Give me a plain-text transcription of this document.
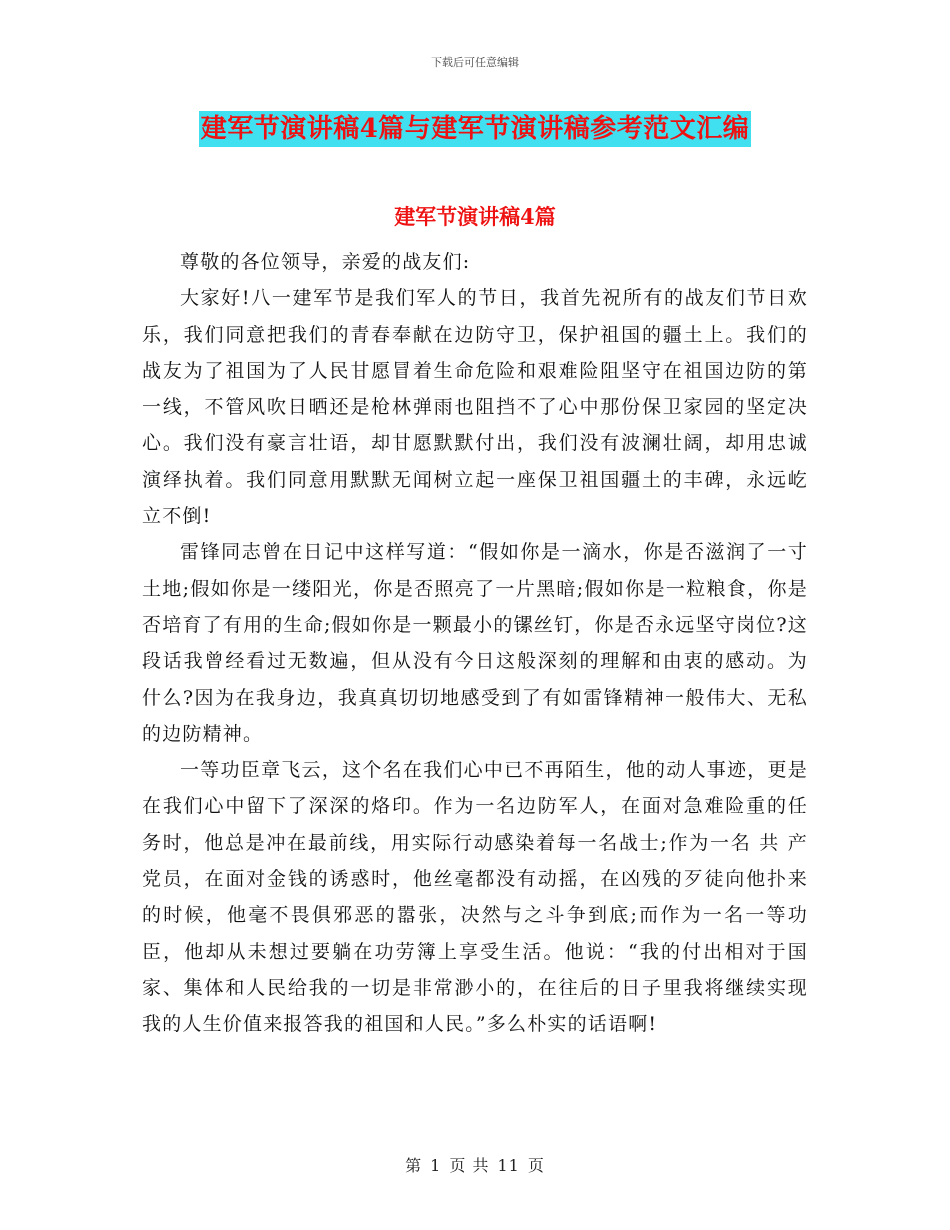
下载后可任意编辑
建军节演讲稿4篇与建军节演讲稿参考范文汇编
建军节演讲稿4篇

尊敬的各位领导，亲爱的战友们:

大家好!八一建军节是我们军人的节日，我首先祝所有的战友们节日欢乐，我们同意把我们的青春奉献在边防守卫，保护祖国的疆土上。我们的战友为了祖国为了人民甘愿冒着生命危险和艰难险阻坚守在祖国边防的第一线，不管风吹日晒还是枪林弹雨也阻挡不了心中那份保卫家园的坚定决心。我们没有豪言壮语，却甘愿默默付出，我们没有波澜壮阔，却用忠诚演绎执着。我们同意用默默无闻树立起一座保卫祖国疆土的丰碑，永远屹立不倒!

雷锋同志曾在日记中这样写道：“假如你是一滴水，你是否滋润了一寸土地;假如你是一缕阳光，你是否照亮了一片黑暗;假如你是一粒粮食，你是否培育了有用的生命;假如你是一颗最小的镙丝钉，你是否永远坚守岗位?这段话我曾经看过无数遍，但从没有今日这般深刻的理解和由衷的感动。为什么?因为在我身边，我真真切切地感受到了有如雷锋精神一般伟大、无私的边防精神。

一等功臣章飞云，这个名在我们心中已不再陌生，他的动人事迹，更是在我们心中留下了深深的烙印。作为一名边防军人，在面对急难险重的任务时，他总是冲在最前线，用实际行动感染着每一名战士;作为一名 共 产党员，在面对金钱的诱惑时，他丝毫都没有动摇，在凶残的歹徒向他扑来的时候，他毫不畏俱邪恶的嚣张，决然与之斗争到底;而作为一名一等功臣，他却从未想过要躺在功劳簿上享受生活。他说：“我的付出相对于国家、集体和人民给我的一切是非常渺小的，在往后的日子里我将继续实现我的人生价值来报答我的祖国和人民。”多么朴实的话语啊!

第 1 页 共 11 页
